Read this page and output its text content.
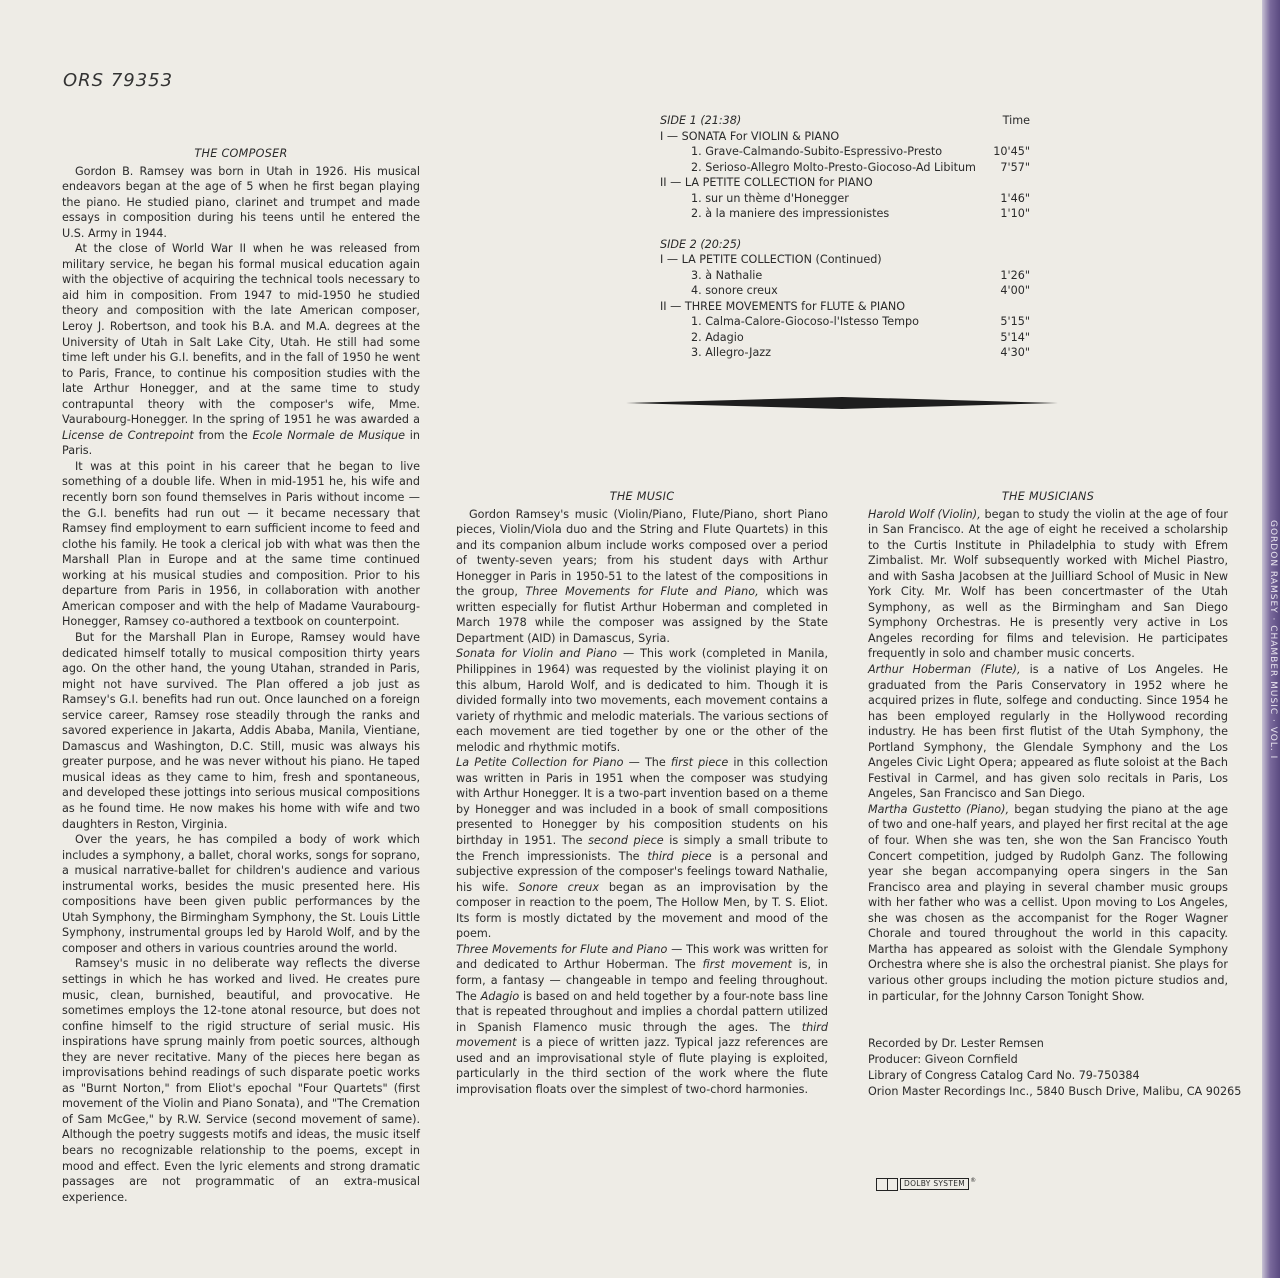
GORDON RAMSEY · CHAMBER MUSIC · VOL. I
ORS 79353
THE COMPOSER

Gordon B. Ramsey was born in Utah in 1926. His musical endeavors began at the age of 5 when he first began playing the piano. He studied piano, clarinet and trumpet and made essays in composition during his teens until he entered the U.S. Army in 1944.

At the close of World War II when he was released from military service, he began his formal musical education again with the objective of acquiring the technical tools necessary to aid him in composition. From 1947 to mid-1950 he studied theory and composition with the late American composer, Leroy J. Robertson, and took his B.A. and M.A. degrees at the University of Utah in Salt Lake City, Utah. He still had some time left under his G.I. benefits, and in the fall of 1950 he went to Paris, France, to continue his composition studies with the late Arthur Honegger, and at the same time to study contrapuntal theory with the composer's wife, Mme. Vaurabourg-Honegger. In the spring of 1951 he was awarded a License de Contrepoint from the Ecole Normale de Musique in Paris.

It was at this point in his career that he began to live something of a double life. When in mid-1951 he, his wife and recently born son found themselves in Paris without income — the G.I. benefits had run out — it became necessary that Ramsey find employment to earn sufficient income to feed and clothe his family. He took a clerical job with what was then the Marshall Plan in Europe and at the same time continued working at his musical studies and composition. Prior to his departure from Paris in 1956, in collaboration with another American composer and with the help of Madame Vaurabourg-Honegger, Ramsey co-authored a textbook on counterpoint.

But for the Marshall Plan in Europe, Ramsey would have dedicated himself totally to musical composition thirty years ago. On the other hand, the young Utahan, stranded in Paris, might not have survived. The Plan offered a job just as Ramsey's G.I. benefits had run out. Once launched on a foreign service career, Ramsey rose steadily through the ranks and savored experience in Jakarta, Addis Ababa, Manila, Vientiane, Damascus and Washington, D.C. Still, music was always his greater purpose, and he was never without his piano. He taped musical ideas as they came to him, fresh and spontaneous, and developed these jottings into serious musical compositions as he found time. He now makes his home with wife and two daughters in Reston, Virginia.

Over the years, he has compiled a body of work which includes a symphony, a ballet, choral works, songs for soprano, a musical narrative-ballet for children's audience and various instrumental works, besides the music presented here. His compositions have been given public performances by the Utah Symphony, the Birmingham Symphony, the St. Louis Little Symphony, instrumental groups led by Harold Wolf, and by the composer and others in various countries around the world.

Ramsey's music in no deliberate way reflects the diverse settings in which he has worked and lived. He creates pure music, clean, burnished, beautiful, and provocative. He sometimes employs the 12-tone atonal resource, but does not confine himself to the rigid structure of serial music. His inspirations have sprung mainly from poetic sources, although they are never recitative. Many of the pieces here began as improvisations behind readings of such disparate poetic works as "Burnt Norton," from Eliot's epochal "Four Quartets" (first movement of the Violin and Piano Sonata), and "The Cremation of Sam McGee," by R.W. Service (second movement of same). Although the poetry suggests motifs and ideas, the music itself bears no recognizable relationship to the poems, except in mood and effect. Even the lyric elements and strong dramatic passages are not programmatic of an extra-musical experience.

SIDE 1 (21:38)	Time
I — SONATA For VIOLIN & PIANO
1. Grave-Calmando-Subito-Espressivo-Presto	10'45"
2. Serioso-Allegro Molto-Presto-Giocoso-Ad Libitum 7'57"
II — LA PETITE COLLECTION for PIANO
1. sur un thème d'Honegger	1'46"
2. à la maniere des impressionistes	1'10"
SIDE 2 (20:25)
I — LA PETITE COLLECTION (Continued)
3. à Nathalie	1'26"
4. sonore creux	4'00"
II — THREE MOVEMENTS for FLUTE & PIANO
1. Calma-Calore-Giocoso-l'Istesso Tempo	5'15"
2. Adagio	5'14"
3. Allegro-Jazz	4'30"
THE MUSIC

Gordon Ramsey's music (Violin/Piano, Flute/Piano, short Piano pieces, Violin/Viola duo and the String and Flute Quartets) in this and its companion album include works composed over a period of twenty-seven years; from his student days with Arthur Honegger in Paris in 1950-51 to the latest of the compositions in the group, Three Movements for Flute and Piano, which was written especially for flutist Arthur Hoberman and completed in March 1978 while the composer was assigned by the State Department (AID) in Damascus, Syria.

Sonata for Violin and Piano — This work (completed in Manila, Philippines in 1964) was requested by the violinist playing it on this album, Harold Wolf, and is dedicated to him. Though it is divided formally into two movements, each movement contains a variety of rhythmic and melodic materials. The various sections of each movement are tied together by one or the other of the melodic and rhythmic motifs.

La Petite Collection for Piano — The first piece in this collection was written in Paris in 1951 when the composer was studying with Arthur Honegger. It is a two-part invention based on a theme by Honegger and was included in a book of small compositions presented to Honegger by his composition students on his birthday in 1951. The second piece is simply a small tribute to the French impressionists. The third piece is a personal and subjective expression of the composer's feelings toward Nathalie, his wife. Sonore creux began as an improvisation by the composer in reaction to the poem, The Hollow Men, by T. S. Eliot. Its form is mostly dictated by the movement and mood of the poem.

Three Movements for Flute and Piano — This work was written for and dedicated to Arthur Hoberman. The first movement is, in form, a fantasy — changeable in tempo and feeling throughout. The Adagio is based on and held together by a four-note bass line that is repeated throughout and implies a chordal pattern utilized in Spanish Flamenco music through the ages. The third movement is a piece of written jazz. Typical jazz references are used and an improvisational style of flute playing is exploited, particularly in the third section of the work where the flute improvisation floats over the simplest of two-chord harmonies.

THE MUSICIANS

Harold Wolf (Violin), began to study the violin at the age of four in San Francisco. At the age of eight he received a scholarship to the Curtis Institute in Philadelphia to study with Efrem Zimbalist. Mr. Wolf subsequently worked with Michel Piastro, and with Sasha Jacobsen at the Juilliard School of Music in New York City. Mr. Wolf has been concertmaster of the Utah Symphony, as well as the Birmingham and San Diego Symphony Orchestras. He is presently very active in Los Angeles recording for films and television. He participates frequently in solo and chamber music concerts.

Arthur Hoberman (Flute), is a native of Los Angeles. He graduated from the Paris Conservatory in 1952 where he acquired prizes in flute, solfege and conducting. Since 1954 he has been employed regularly in the Hollywood recording industry. He has been first flutist of the Utah Symphony, the Portland Symphony, the Glendale Symphony and the Los Angeles Civic Light Opera; appeared as flute soloist at the Bach Festival in Carmel, and has given solo recitals in Paris, Los Angeles, San Francisco and San Diego.

Martha Gustetto (Piano), began studying the piano at the age of two and one-half years, and played her first recital at the age of four. When she was ten, she won the San Francisco Youth Concert competition, judged by Rudolph Ganz. The following year she began accompanying opera singers in the San Francisco area and playing in several chamber music groups with her father who was a cellist. Upon moving to Los Angeles, she was chosen as the accompanist for the Roger Wagner Chorale and toured throughout the world in this capacity. Martha has appeared as soloist with the Glendale Symphony Orchestra where she is also the orchestral pianist. She plays for various other groups including the motion picture studios and, in particular, for the Johnny Carson Tonight Show.

Recorded by Dr. Lester Remsen
Producer: Giveon Cornfield
Library of Congress Catalog Card No. 79-750384
Orion Master Recordings Inc., 5840 Busch Drive, Malibu, CA 90265
DOLBY SYSTEM ®
